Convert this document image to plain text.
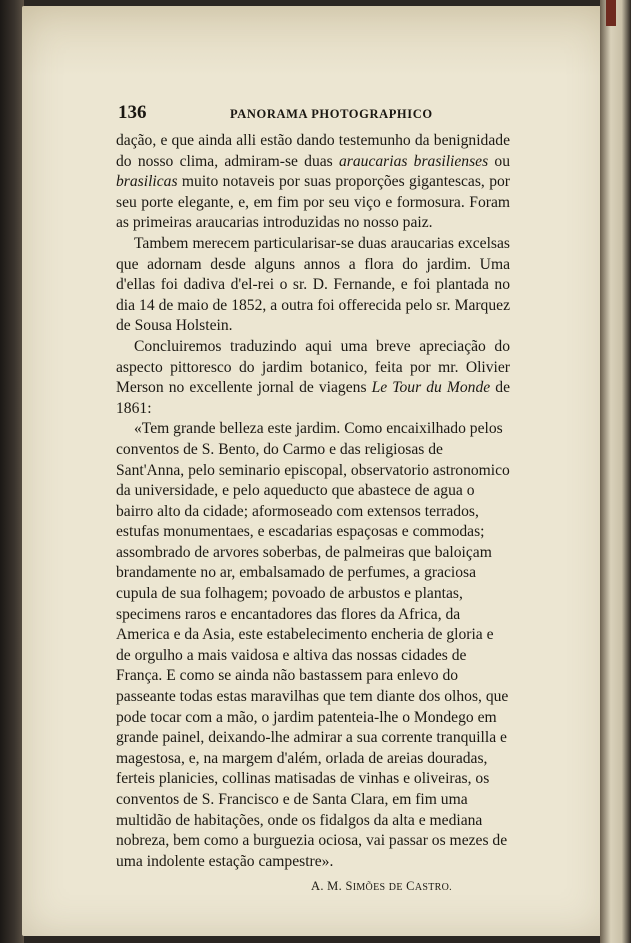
136	PANORAMA PHOTOGRAPHICO

dação, e que ainda alli estão dando testemunho da benignidade do nosso clima, admiram-se duas araucarias brasilienses ou brasilicas muito notaveis por suas proporções gigantescas, por seu porte elegante, e, em fim por seu viço e formosura. Foram as primeiras araucarias introduzidas no nosso paiz.

Tambem merecem particularisar-se duas araucarias excelsas que adornam desde alguns annos a flora do jardim. Uma d'ellas foi dadiva d'el-rei o sr. D. Fernande, e foi plantada no dia 14 de maio de 1852, a outra foi offerecida pelo sr. Marquez de Sousa Holstein.

Concluiremos traduzindo aqui uma breve apreciação do aspecto pittoresco do jardim botanico, feita por mr. Olivier Merson no excellente jornal de viagens Le Tour du Monde de 1861:

«Tem grande belleza este jardim. Como encaixilhado pelos conventos de S. Bento, do Carmo e das religiosas de Sant'Anna, pelo seminario episcopal, observatorio astronomico da universidade, e pelo aqueducto que abastece de agua o bairro alto da cidade; aformoseado com extensos terrados, estufas monumentaes, e escadarias espaçosas e commodas; assombrado de arvores soberbas, de palmeiras que baloiçam brandamente no ar, embalsamado de perfumes, a graciosa cupula de sua folhagem; povoado de arbustos e plantas, specimens raros e encantadores das flores da Africa, da America e da Asia, este estabelecimento encheria de gloria e de orgulho a mais vaidosa e altiva das nossas cidades de França. E como se ainda não bastassem para enlevo do passeante todas estas maravilhas que tem diante dos olhos, que pode tocar com a mão, o jardim patenteia-lhe o Mondego em grande painel, deixando-lhe admirar a sua corrente tranquilla e magestosa, e, na margem d'além, orlada de areias douradas, ferteis planicies, collinas matisadas de vinhas e oliveiras, os conventos de S. Francisco e de Santa Clara, em fim uma multidão de habitações, onde os fidalgos da alta e mediana nobreza, bem como a burguezia ociosa, vai passar os mezes de uma indolente estação campestre».

A. M. SIMÕES DE CASTRO.
